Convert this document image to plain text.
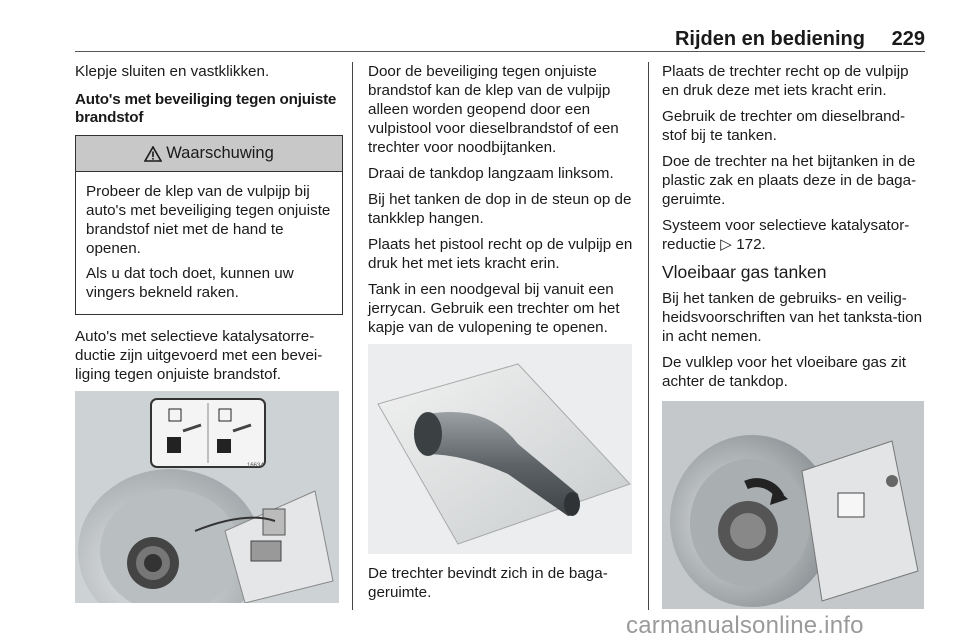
Rijden en bediening 229

Klepje sluiten en vastklikken.

Auto's met beveiliging tegen onjuiste brandstof
Waarschuwing

Probeer de klep van de vulpijp bij auto's met beveiliging tegen onjuiste brandstof niet met de hand te openen.

Als u dat toch doet, kunnen uw vingers bekneld raken.

Auto's met selectieve katalysatorre-ductie zijn uitgevoerd met een bevei-liging tegen onjuiste brandstof.

16634

Door de beveiliging tegen onjuiste brandstof kan de klep van de vulpijp alleen worden geopend door een vulpistool voor dieselbrandstof of een trechter voor noodbijtanken.

Draai de tankdop langzaam linksom.

Bij het tanken de dop in de steun op de tankklep hangen.

Plaats het pistool recht op de vulpijp en druk het met iets kracht erin.

Tank in een noodgeval bij vanuit een jerrycan. Gebruik een trechter om het kapje van de vulopening te openen.

De trechter bevindt zich in de baga-geruimte.

Plaats de trechter recht op de vulpijp en druk deze met iets kracht erin.

Gebruik de trechter om dieselbrand-stof bij te tanken.

Doe de trechter na het bijtanken in de plastic zak en plaats deze in de baga-geruimte.

Systeem voor selectieve katalysator-reductie ▷ 172.

Vloeibaar gas tanken

Bij het tanken de gebruiks- en veilig-heidsvoorschriften van het tanksta-tion in acht nemen.

De vulklep voor het vloeibare gas zit achter de tankdop.

carmanualsonline.info
